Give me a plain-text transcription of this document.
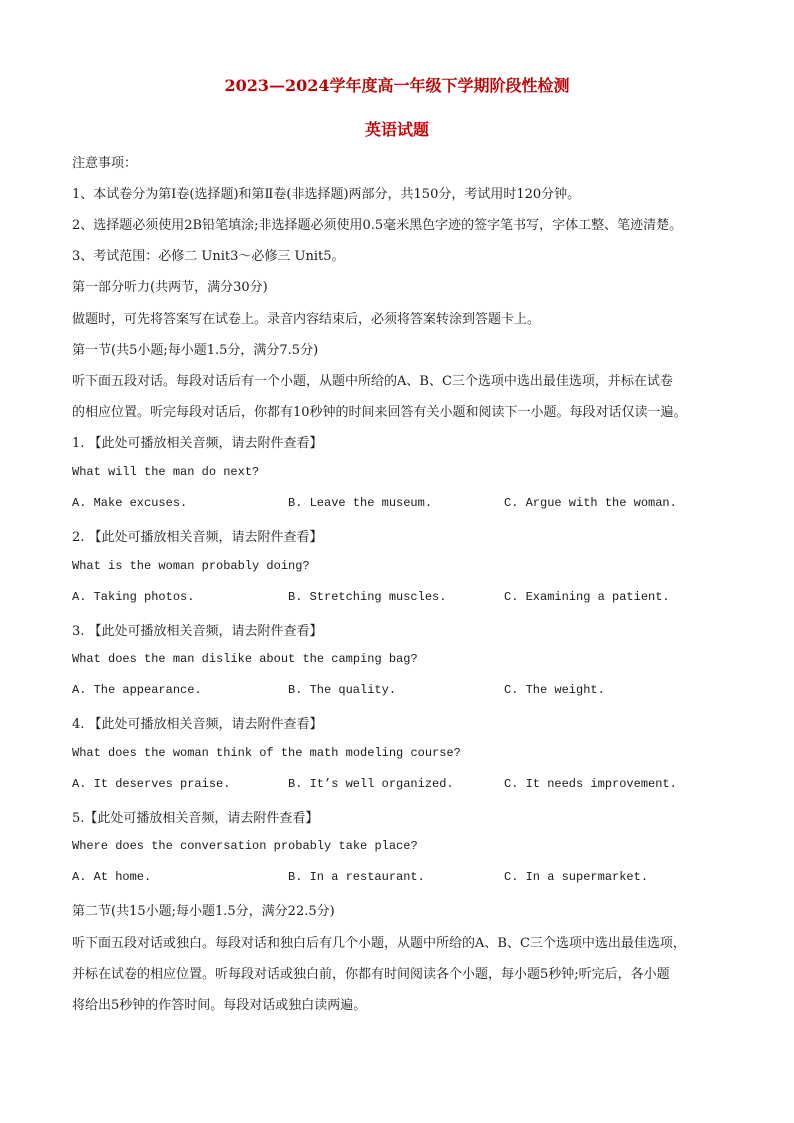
2023—2024学年度高一年级下学期阶段性检测
英语试题
注意事项：
1、本试卷分为第Ⅰ卷(选择题)和第Ⅱ卷(非选择题)两部分，共150分，考试用时120分钟。
2、选择题必须使用2B铅笔填涂;非选择题必须使用0.5毫米黑色字迹的签字笔书写，字体工整、笔迹清楚。
3、考试范围：必修二 Unit3～必修三 Unit5。
第一部分听力(共两节，满分30分)
做题时，可先将答案写在试卷上。录音内容结束后，必须将答案转涂到答题卡上。
第一节(共5小题;每小题1.5分，满分7.5分)
听下面五段对话。每段对话后有一个小题，从题中所给的A、B、C三个选项中选出最佳选项，并标在试卷
的相应位置。听完每段对话后，你都有10秒钟的时间来回答有关小题和阅读下一小题。每段对话仅读一遍。
1. 【此处可播放相关音频，请去附件查看】
What will the man do next?
A. Make excuses.	B. Leave the museum.	C. Argue with the woman.
2. 【此处可播放相关音频，请去附件查看】
What is the woman probably doing?
A. Taking photos.	B. Stretching muscles.	C. Examining a patient.
3. 【此处可播放相关音频，请去附件查看】
What does the man dislike about the camping bag?
A. The appearance.	B. The quality.	C. The weight.
4. 【此处可播放相关音频，请去附件查看】
What does the woman think of the math modeling course?
A. It deserves praise.	B. It’s well organized.	C. It needs improvement.
5.【此处可播放相关音频，请去附件查看】
Where does the conversation probably take place?
A. At home.	B. In a restaurant.	C. In a supermarket.
第二节(共15小题;每小题1.5分，满分22.5分)
听下面五段对话或独白。每段对话和独白后有几个小题，从题中所给的A、B、C三个选项中选出最佳选项，
并标在试卷的相应位置。听每段对话或独白前，你都有时间阅读各个小题，每小题5秒钟;听完后，各小题
将给出5秒钟的作答时间。每段对话或独白读两遍。
